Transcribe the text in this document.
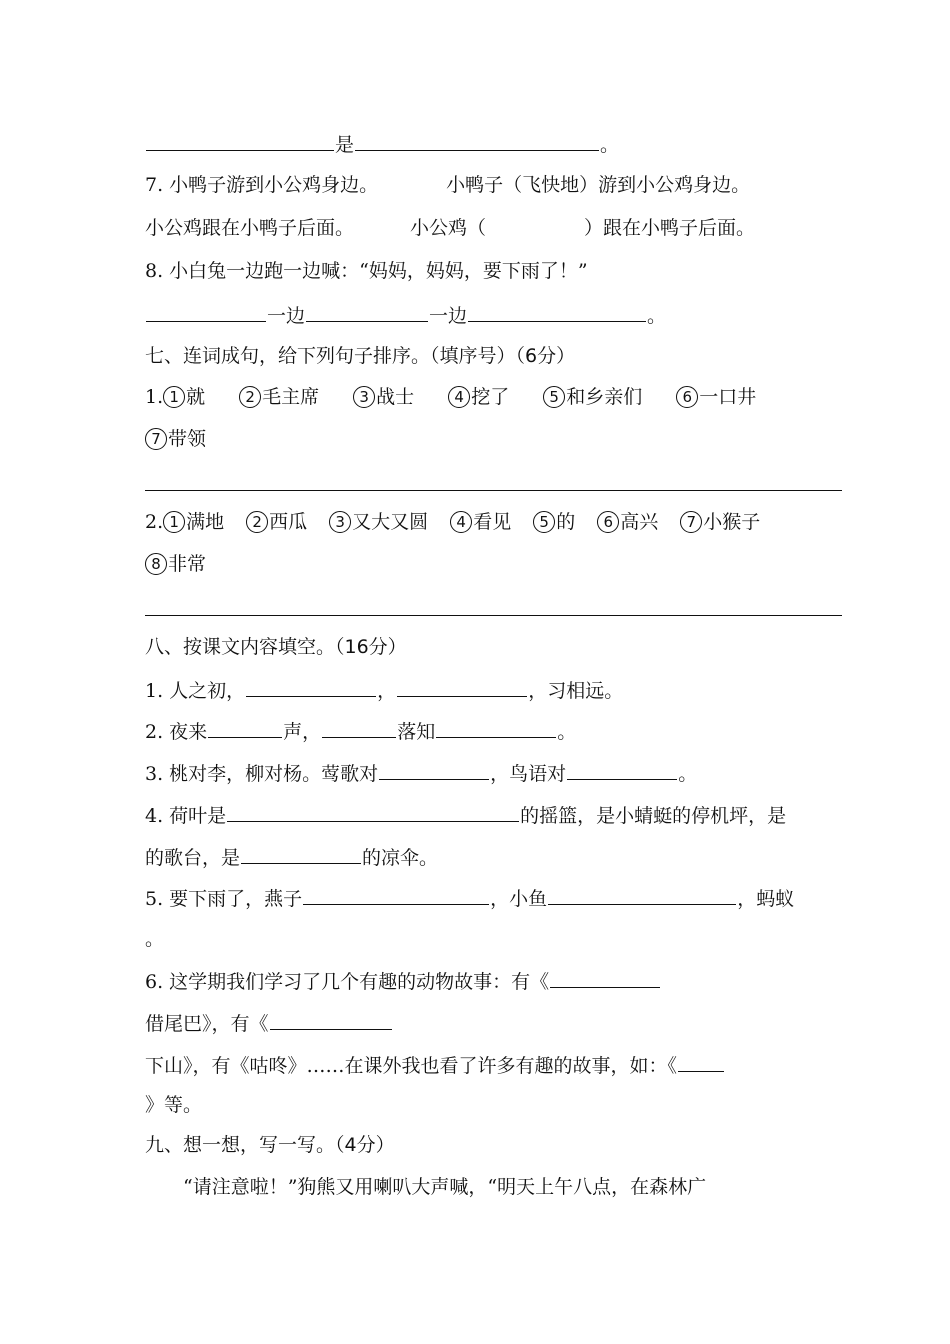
是	。
7. 小鸭子游到小公鸡身边。	小鸭子（飞快地）游到小公鸡身边。
小公鸡跟在小鸭子后面。	小公鸡（	）跟在小鸭子后面。
8. 小白兔一边跑一边喊：“妈妈，妈妈，要下雨了！”
一边	一边	。
七、连词成句，给下列句子排序。（填序号）（6分）
1. 1 就	2 毛主席	3 战士	4 挖了	5 和乡亲们	6 一口井
7 带领
2. 1 满地 2 西瓜 3 又大又圆 4 看见 5 的 6 高兴 7 小猴子
8 非常
八、按课文内容填空。（16分）
1. 人之初，	，	，习相远。
2. 夜来	声，	落知	。
3. 桃对李，柳对杨。莺歌对	，鸟语对	。
4. 荷叶是	的摇篮，是小蜻蜓的停机坪，是
的歌台，是	的凉伞。
5. 要下雨了，燕子	，小鱼	，蚂蚁
。
6. 这学期我们学习了几个有趣的动物故事：有《
借尾巴》，有《
下山》，有《咕咚》……在课外我也看了许多有趣的故事，如：《
》等。
九、想一想，写一写。（4分）
“请注意啦！”狗熊又用喇叭大声喊，“明天上午八点，在森林广
